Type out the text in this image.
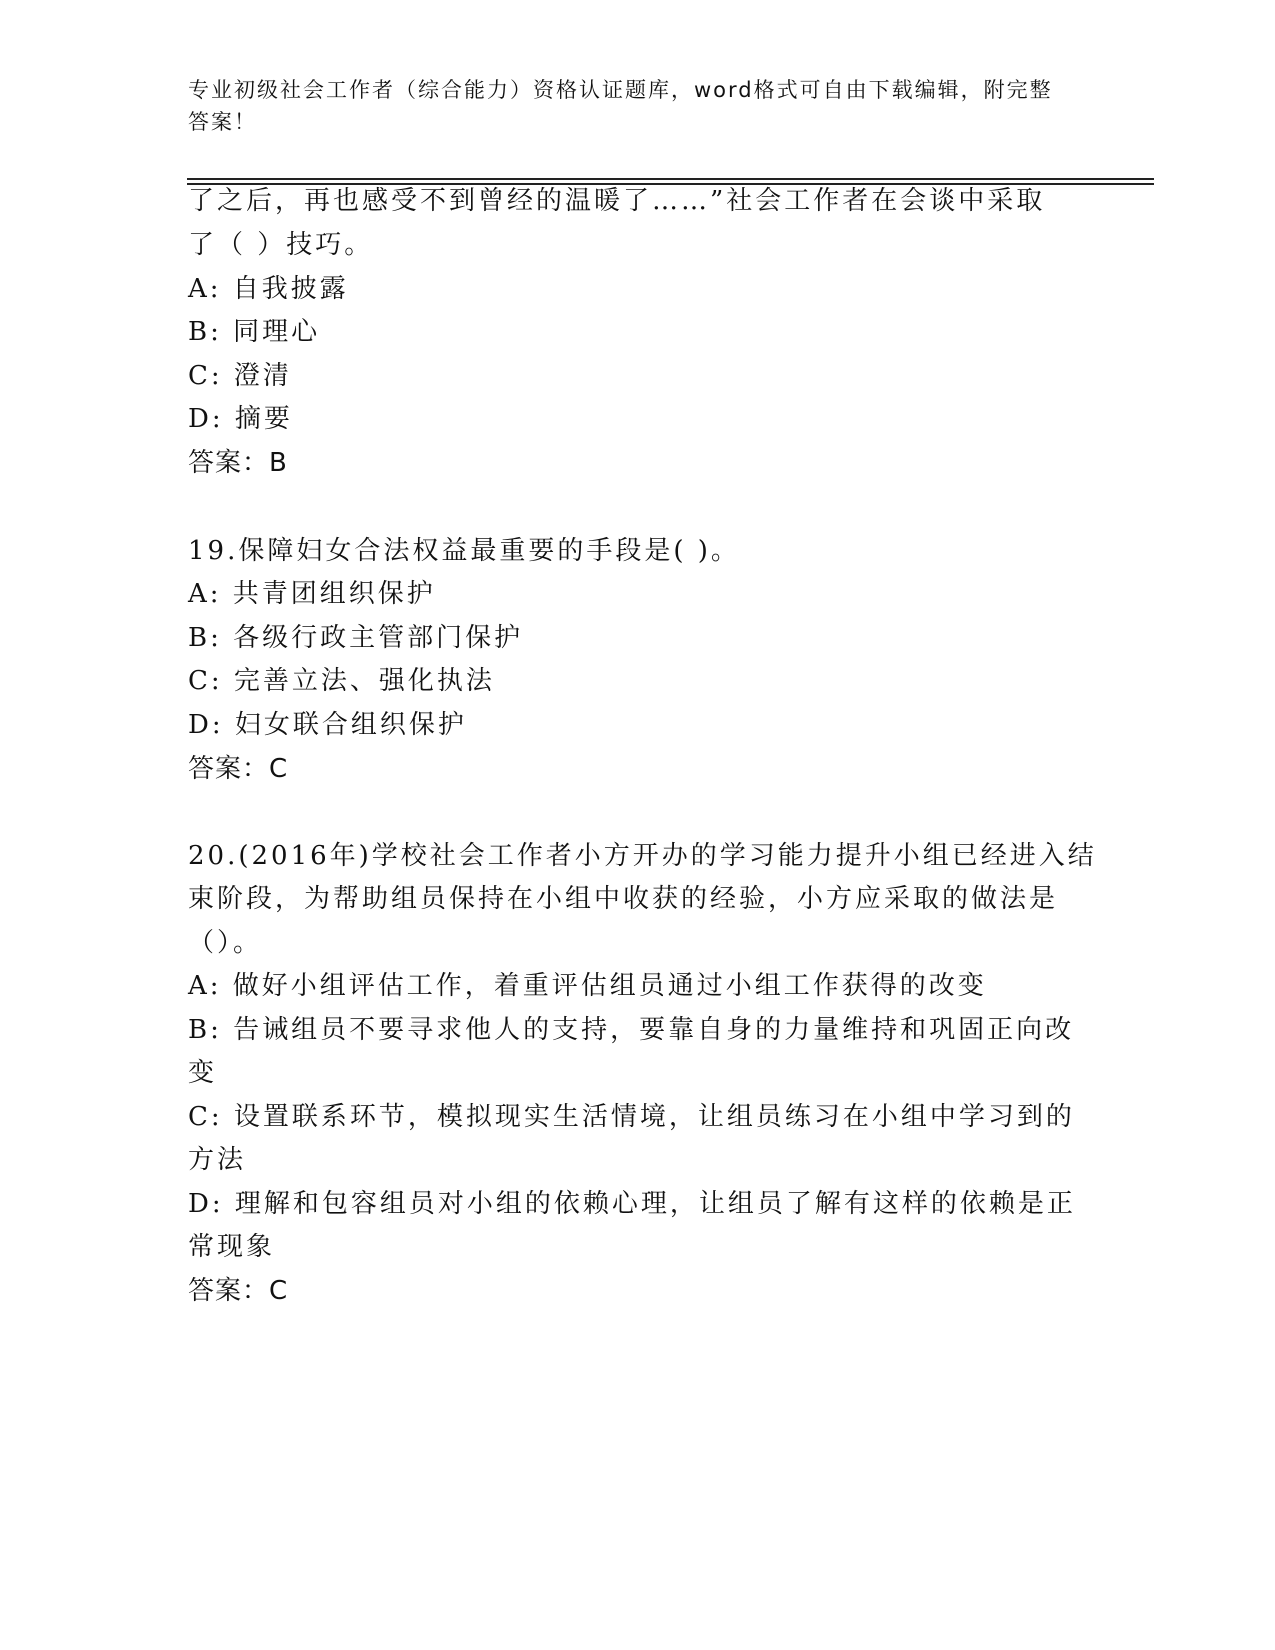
专业初级社会工作者（综合能力）资格认证题库，word格式可自由下载编辑，附完整答案！
了之后，再也感受不到曾经的温暖了……”社会工作者在会谈中采取
了（ ）技巧。
A: 自我披露
B: 同理心
C: 澄清
D: 摘要
答案：B
19.保障妇女合法权益最重要的手段是( )。
A: 共青团组织保护
B: 各级行政主管部门保护
C: 完善立法、强化执法
D: 妇女联合组织保护
答案：C
20.(2016年)学校社会工作者小方开办的学习能力提升小组已经进入结
束阶段，为帮助组员保持在小组中收获的经验，小方应采取的做法是
（）。
A: 做好小组评估工作，着重评估组员通过小组工作获得的改变
B: 告诫组员不要寻求他人的支持，要靠自身的力量维持和巩固正向改
变
C: 设置联系环节，模拟现实生活情境，让组员练习在小组中学习到的
方法
D: 理解和包容组员对小组的依赖心理，让组员了解有这样的依赖是正
常现象
答案：C
